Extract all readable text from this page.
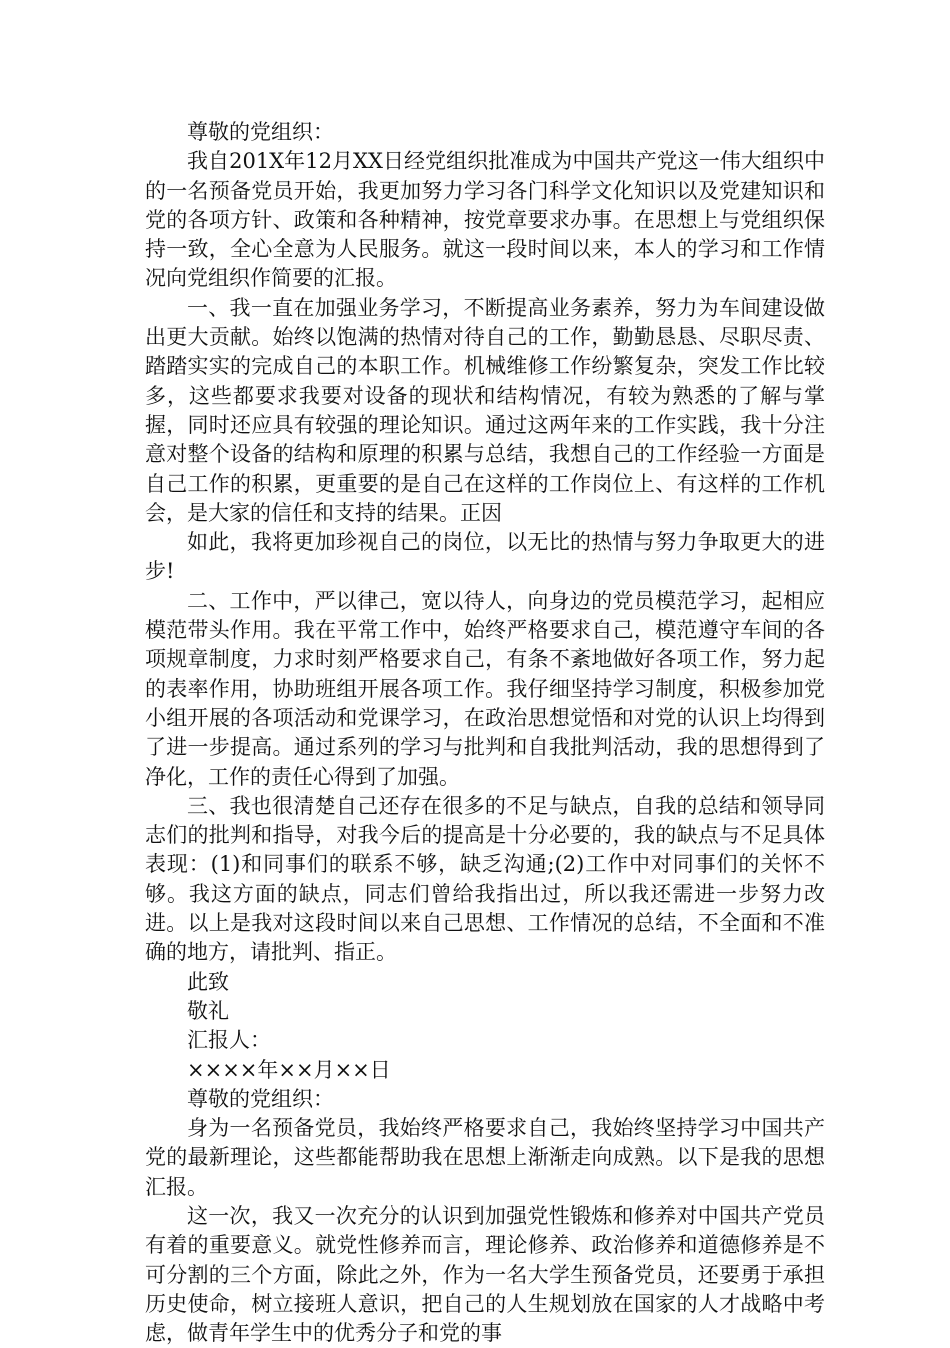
尊敬的党组织：

我自201X年12月XX日经党组织批准成为中国共产党这一伟大组织中的一名预备党员开始，我更加努力学习各门科学文化知识以及党建知识和党的各项方针、政策和各种精神，按党章要求办事。在思想上与党组织保持一致，全心全意为人民服务。就这一段时间以来，本人的学习和工作情况向党组织作简要的汇报。

一、我一直在加强业务学习，不断提高业务素养，努力为车间建设做出更大贡献。始终以饱满的热情对待自己的工作，勤勤恳恳、尽职尽责、踏踏实实的完成自己的本职工作。机械维修工作纷繁复杂，突发工作比较多，这些都要求我要对设备的现状和结构情况，有较为熟悉的了解与掌握，同时还应具有较强的理论知识。通过这两年来的工作实践，我十分注意对整个设备的结构和原理的积累与总结，我想自己的工作经验一方面是自己工作的积累，更重要的是自己在这样的工作岗位上、有这样的工作机会，是大家的信任和支持的结果。正因

如此，我将更加珍视自己的岗位，以无比的热情与努力争取更大的进步!

二、工作中，严以律己，宽以待人，向身边的党员模范学习，起相应模范带头作用。我在平常工作中，始终严格要求自己，模范遵守车间的各项规章制度，力求时刻严格要求自己，有条不紊地做好各项工作，努力起的表率作用，协助班组开展各项工作。我仔细坚持学习制度，积极参加党小组开展的各项活动和党课学习，在政治思想觉悟和对党的认识上均得到了进一步提高。通过系列的学习与批判和自我批判活动，我的思想得到了净化，工作的责任心得到了加强。

三、我也很清楚自己还存在很多的不足与缺点，自我的总结和领导同志们的批判和指导，对我今后的提高是十分必要的，我的缺点与不足具体表现：(1)和同事们的联系不够，缺乏沟通;(2)工作中对同事们的关怀不够。我这方面的缺点，同志们曾给我指出过，所以我还需进一步努力改进。以上是我对这段时间以来自己思想、工作情况的总结，不全面和不准确的地方，请批判、指正。

此致

敬礼

汇报人：

××××年××月××日

尊敬的党组织：

身为一名预备党员，我始终严格要求自己，我始终坚持学习中国共产党的最新理论，这些都能帮助我在思想上渐渐走向成熟。以下是我的思想汇报。

这一次，我又一次充分的认识到加强党性锻炼和修养对中国共产党员有着的重要意义。就党性修养而言，理论修养、政治修养和道德修养是不可分割的三个方面，除此之外，作为一名大学生预备党员，还要勇于承担历史使命，树立接班人意识，把自己的人生规划放在国家的人才战略中考虑，做青年学生中的优秀分子和党的事
